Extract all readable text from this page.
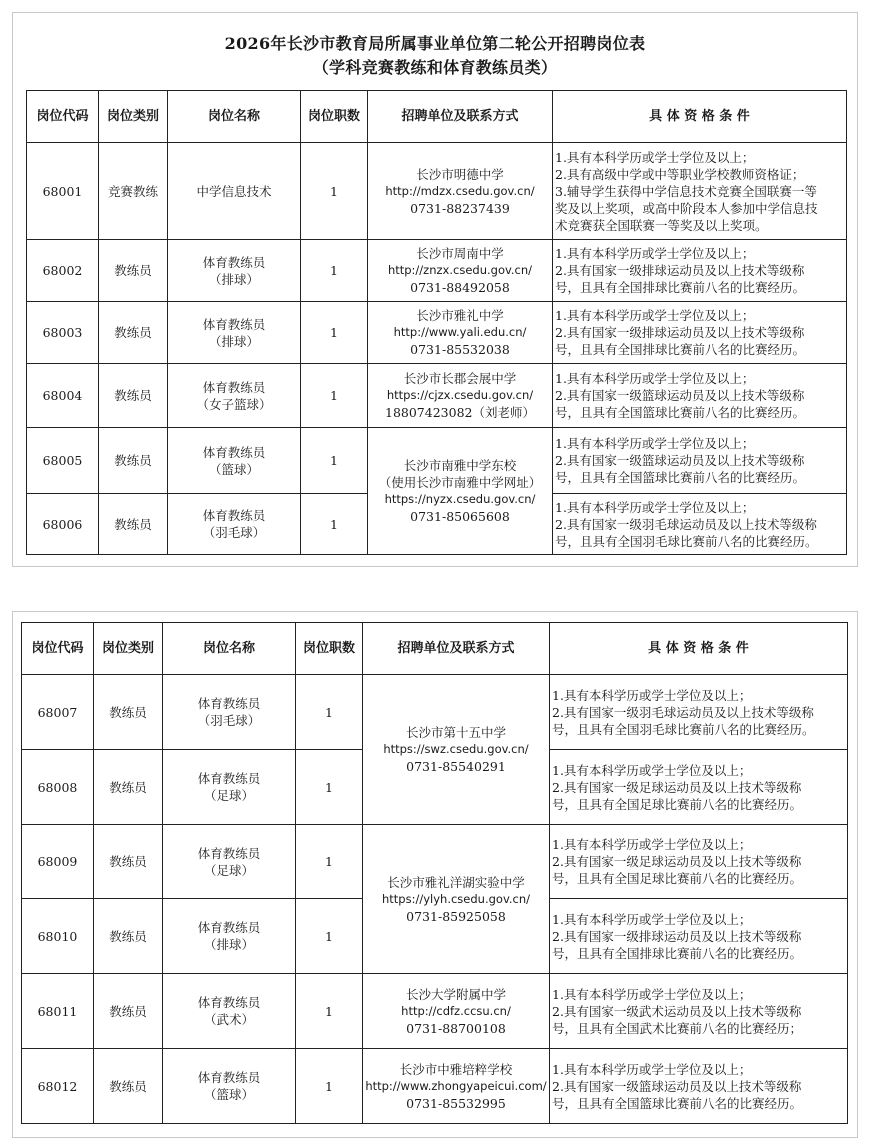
2026年长沙市教育局所属事业单位第二轮公开招聘岗位表
（学科竞赛教练和体育教练员类）
岗位代码	岗位类别	岗位名称	岗位职数	招聘单位及联系方式	具 体 资 格 条 件
68001	竞赛教练	中学信息技术	1	长沙市明德中学
http://mdzx.csedu.gov.cn/
0731-88237439	1.具有本科学历或学士学位及以上；
2.具有高级中学或中等职业学校教师资格证；
3.辅导学生获得中学信息技术竞赛全国联赛一等
奖及以上奖项，或高中阶段本人参加中学信息技
术竞赛获全国联赛一等奖及以上奖项。

68002	教练员	体育教练员
（排球）	1	长沙市周南中学
http://znzx.csedu.gov.cn/
0731-88492058	1.具有本科学历或学士学位及以上；
2.具有国家一级排球运动员及以上技术等级称
号，且具有全国排球比赛前八名的比赛经历。

68003	教练员	体育教练员
（排球）	1	长沙市雅礼中学
http://www.yali.edu.cn/
0731-85532038	1.具有本科学历或学士学位及以上；
2.具有国家一级排球运动员及以上技术等级称
号，且具有全国排球比赛前八名的比赛经历。

68004	教练员	体育教练员
（女子篮球）	1	长沙市长郡会展中学
https://cjzx.csedu.gov.cn/
18807423082（刘老师）	1.具有本科学历或学士学位及以上；
2.具有国家一级篮球运动员及以上技术等级称
号，且具有全国篮球比赛前八名的比赛经历。

68005	教练员	体育教练员
（篮球）	1	长沙市南雅中学东校
（使用长沙市南雅中学网址）
https://nyzx.csedu.gov.cn/
0731-85065608	1.具有本科学历或学士学位及以上；
2.具有国家一级篮球运动员及以上技术等级称
号，且具有全国篮球比赛前八名的比赛经历。

68006	教练员	体育教练员
（羽毛球）	1		1.具有本科学历或学士学位及以上；
2.具有国家一级羽毛球运动员及以上技术等级称
号，且具有全国羽毛球比赛前八名的比赛经历。
岗位代码	岗位类别	岗位名称	岗位职数	招聘单位及联系方式	具 体 资 格 条 件
68007	教练员	体育教练员
（羽毛球）	1	长沙市第十五中学
https://swz.csedu.gov.cn/
0731-85540291	1.具有本科学历或学士学位及以上；
2.具有国家一级羽毛球运动员及以上技术等级称
号，且具有全国羽毛球比赛前八名的比赛经历。

68008	教练员	体育教练员
（足球）	1		1.具有本科学历或学士学位及以上；
2.具有国家一级足球运动员及以上技术等级称
号，且具有全国足球比赛前八名的比赛经历。

68009	教练员	体育教练员
（足球）	1	长沙市雅礼洋湖实验中学
https://ylyh.csedu.gov.cn/
0731-85925058	1.具有本科学历或学士学位及以上；
2.具有国家一级足球运动员及以上技术等级称
号，且具有全国足球比赛前八名的比赛经历。

68010	教练员	体育教练员
（排球）	1		1.具有本科学历或学士学位及以上；
2.具有国家一级排球运动员及以上技术等级称
号，且具有全国排球比赛前八名的比赛经历。

68011	教练员	体育教练员
（武术）	1	长沙大学附属中学
http://cdfz.ccsu.cn/
0731-88700108	1.具有本科学历或学士学位及以上；
2.具有国家一级武术运动员及以上技术等级称
号，且具有全国武术比赛前八名的比赛经历；

68012	教练员	体育教练员
（篮球）	1	长沙市中雅培粹学校
http://www.zhongyapeicui.com/
0731-85532995	1.具有本科学历或学士学位及以上；
2.具有国家一级篮球运动员及以上技术等级称
号，且具有全国篮球比赛前八名的比赛经历。
